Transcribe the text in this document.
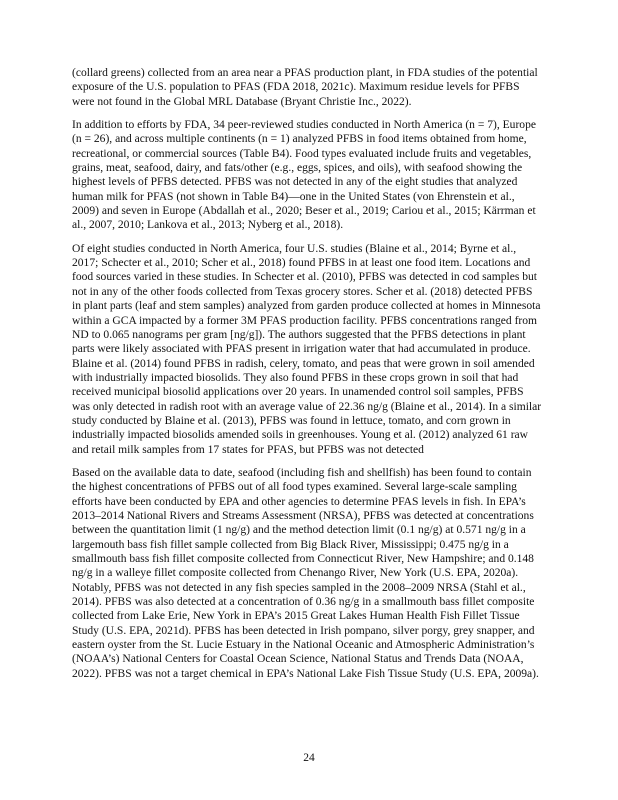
(collard greens) collected from an area near a PFAS production plant, in FDA studies of the potential exposure of the U.S. population to PFAS (FDA 2018, 2021c). Maximum residue levels for PFBS were not found in the Global MRL Database (Bryant Christie Inc., 2022).

In addition to efforts by FDA, 34 peer-reviewed studies conducted in North America (n = 7), Europe (n = 26), and across multiple continents (n = 1) analyzed PFBS in food items obtained from home, recreational, or commercial sources (Table B4). Food types evaluated include fruits and vegetables, grains, meat, seafood, dairy, and fats/other (e.g., eggs, spices, and oils), with seafood showing the highest levels of PFBS detected. PFBS was not detected in any of the eight studies that analyzed human milk for PFAS (not shown in Table B4)—one in the United States (von Ehrenstein et al., 2009) and seven in Europe (Abdallah et al., 2020; Beser et al., 2019; Cariou et al., 2015; Kärrman et al., 2007, 2010; Lankova et al., 2013; Nyberg et al., 2018).

Of eight studies conducted in North America, four U.S. studies (Blaine et al., 2014; Byrne et al., 2017; Schecter et al., 2010; Scher et al., 2018) found PFBS in at least one food item. Locations and food sources varied in these studies. In Schecter et al. (2010), PFBS was detected in cod samples but not in any of the other foods collected from Texas grocery stores. Scher et al. (2018) detected PFBS in plant parts (leaf and stem samples) analyzed from garden produce collected at homes in Minnesota within a GCA impacted by a former 3M PFAS production facility. PFBS concentrations ranged from ND to 0.065 nanograms per gram [ng/g]). The authors suggested that the PFBS detections in plant parts were likely associated with PFAS present in irrigation water that had accumulated in produce. Blaine et al. (2014) found PFBS in radish, celery, tomato, and peas that were grown in soil amended with industrially impacted biosolids. They also found PFBS in these crops grown in soil that had received municipal biosolid applications over 20 years. In unamended control soil samples, PFBS was only detected in radish root with an average value of 22.36 ng/g (Blaine et al., 2014). In a similar study conducted by Blaine et al. (2013), PFBS was found in lettuce, tomato, and corn grown in industrially impacted biosolids amended soils in greenhouses. Young et al. (2012) analyzed 61 raw and retail milk samples from 17 states for PFAS, but PFBS was not detected

Based on the available data to date, seafood (including fish and shellfish) has been found to contain the highest concentrations of PFBS out of all food types examined. Several large-scale sampling efforts have been conducted by EPA and other agencies to determine PFAS levels in fish. In EPA’s 2013–2014 National Rivers and Streams Assessment (NRSA), PFBS was detected at concentrations between the quantitation limit (1 ng/g) and the method detection limit (0.1 ng/g) at 0.571 ng/g in a largemouth bass fish fillet sample collected from Big Black River, Mississippi; 0.475 ng/g in a smallmouth bass fish fillet composite collected from Connecticut River, New Hampshire; and 0.148 ng/g in a walleye fillet composite collected from Chenango River, New York (U.S. EPA, 2020a). Notably, PFBS was not detected in any fish species sampled in the 2008–2009 NRSA (Stahl et al., 2014). PFBS was also detected at a concentration of 0.36 ng/g in a smallmouth bass fillet composite collected from Lake Erie, New York in EPA’s 2015 Great Lakes Human Health Fish Fillet Tissue Study (U.S. EPA, 2021d). PFBS has been detected in Irish pompano, silver porgy, grey snapper, and eastern oyster from the St. Lucie Estuary in the National Oceanic and Atmospheric Administration’s (NOAA’s) National Centers for Coastal Ocean Science, National Status and Trends Data (NOAA, 2022). PFBS was not a target chemical in EPA’s National Lake Fish Tissue Study (U.S. EPA, 2009a).

24
